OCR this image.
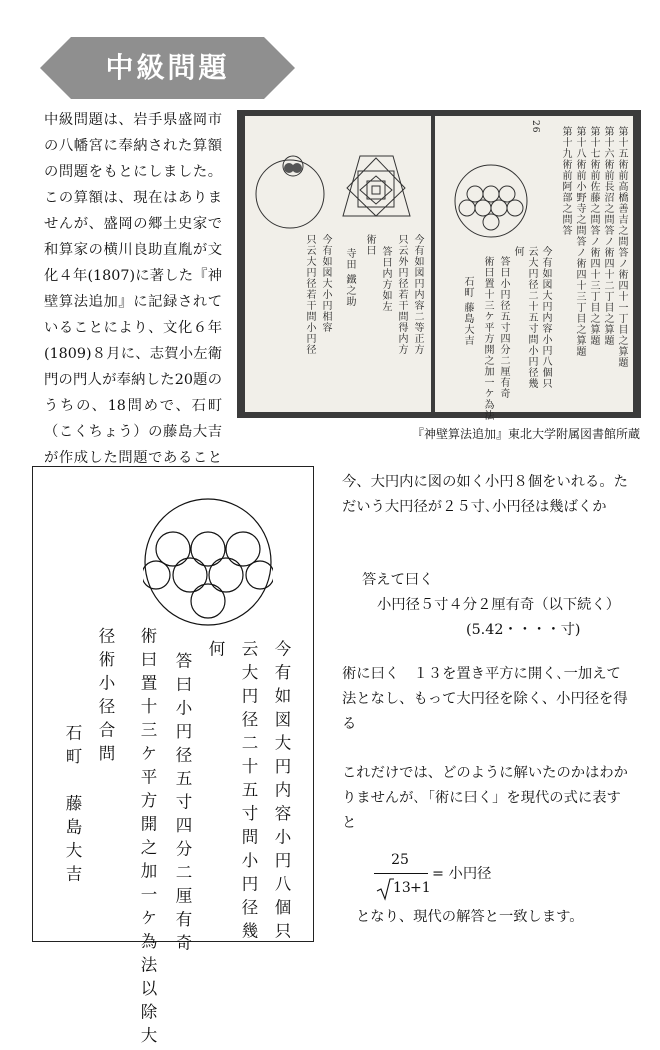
中級問題
中級問題は、岩手県盛岡市の八幡宮に奉納された算額の問題をもとにしました。この算額は、現在はありませんが、盛岡の郷土史家で和算家の横川良助直胤が文化４年(1807)に著した『神壁算法追加』に記録されていることにより、文化６年(1809)８月に、志賀小左衛門の門人が奉納した20題のうちの、18問めで、石町（こくちょう）の藤島大吉が作成した問題であること
今有如図円内容二等正方
只云外円径若干問得内方
答曰内方如左
術曰
寺田 鐵之助
今有如図大小円相容
只云大円径若干問小円径
26	第十五術前高橋善吉之問答ノ術四十一丁目之算題
第十六術前長沼之問答ノ術四十二丁目之算題
第十七術前佐藤之問答ノ術四十三丁目之算題
第十八術前小野寺之問答ノ術四十三丁目之算題
第十九術前阿部之問答
今有如図大円内容小円八個只
云大円径二十五寸問小円径幾
何
答曰小円径五寸四分二厘有奇
術曰置十三ケ平方開之加一ケ為法
石町 藤島大吉
『神壁算法追加』東北大学附属図書館所蔵
今有如図大円内容小円八個只
云大円径二十五寸問小円径幾
何
答曰小円径五寸四分二厘有奇
術曰置十三ケ平方開之加一ケ為法以除大
径術小径合問
石町　藤島大吉
今、大円内に図の如く小円８個をいれる。ただいう大円径が２５寸､小円径は幾ばくか
答えて曰く
小円径５寸４分２厘有奇（以下続く）
(5.42・・・・寸)
術に曰く　１３を置き平方に開く､一加えて法となし、もって大円径を除く、小円径を得る
これだけでは、どのように解いたのかはわかりませんが､「術に曰く」を現代の式に表すと
25
13 +1
= 小円径
となり、現代の解答と一致します。
